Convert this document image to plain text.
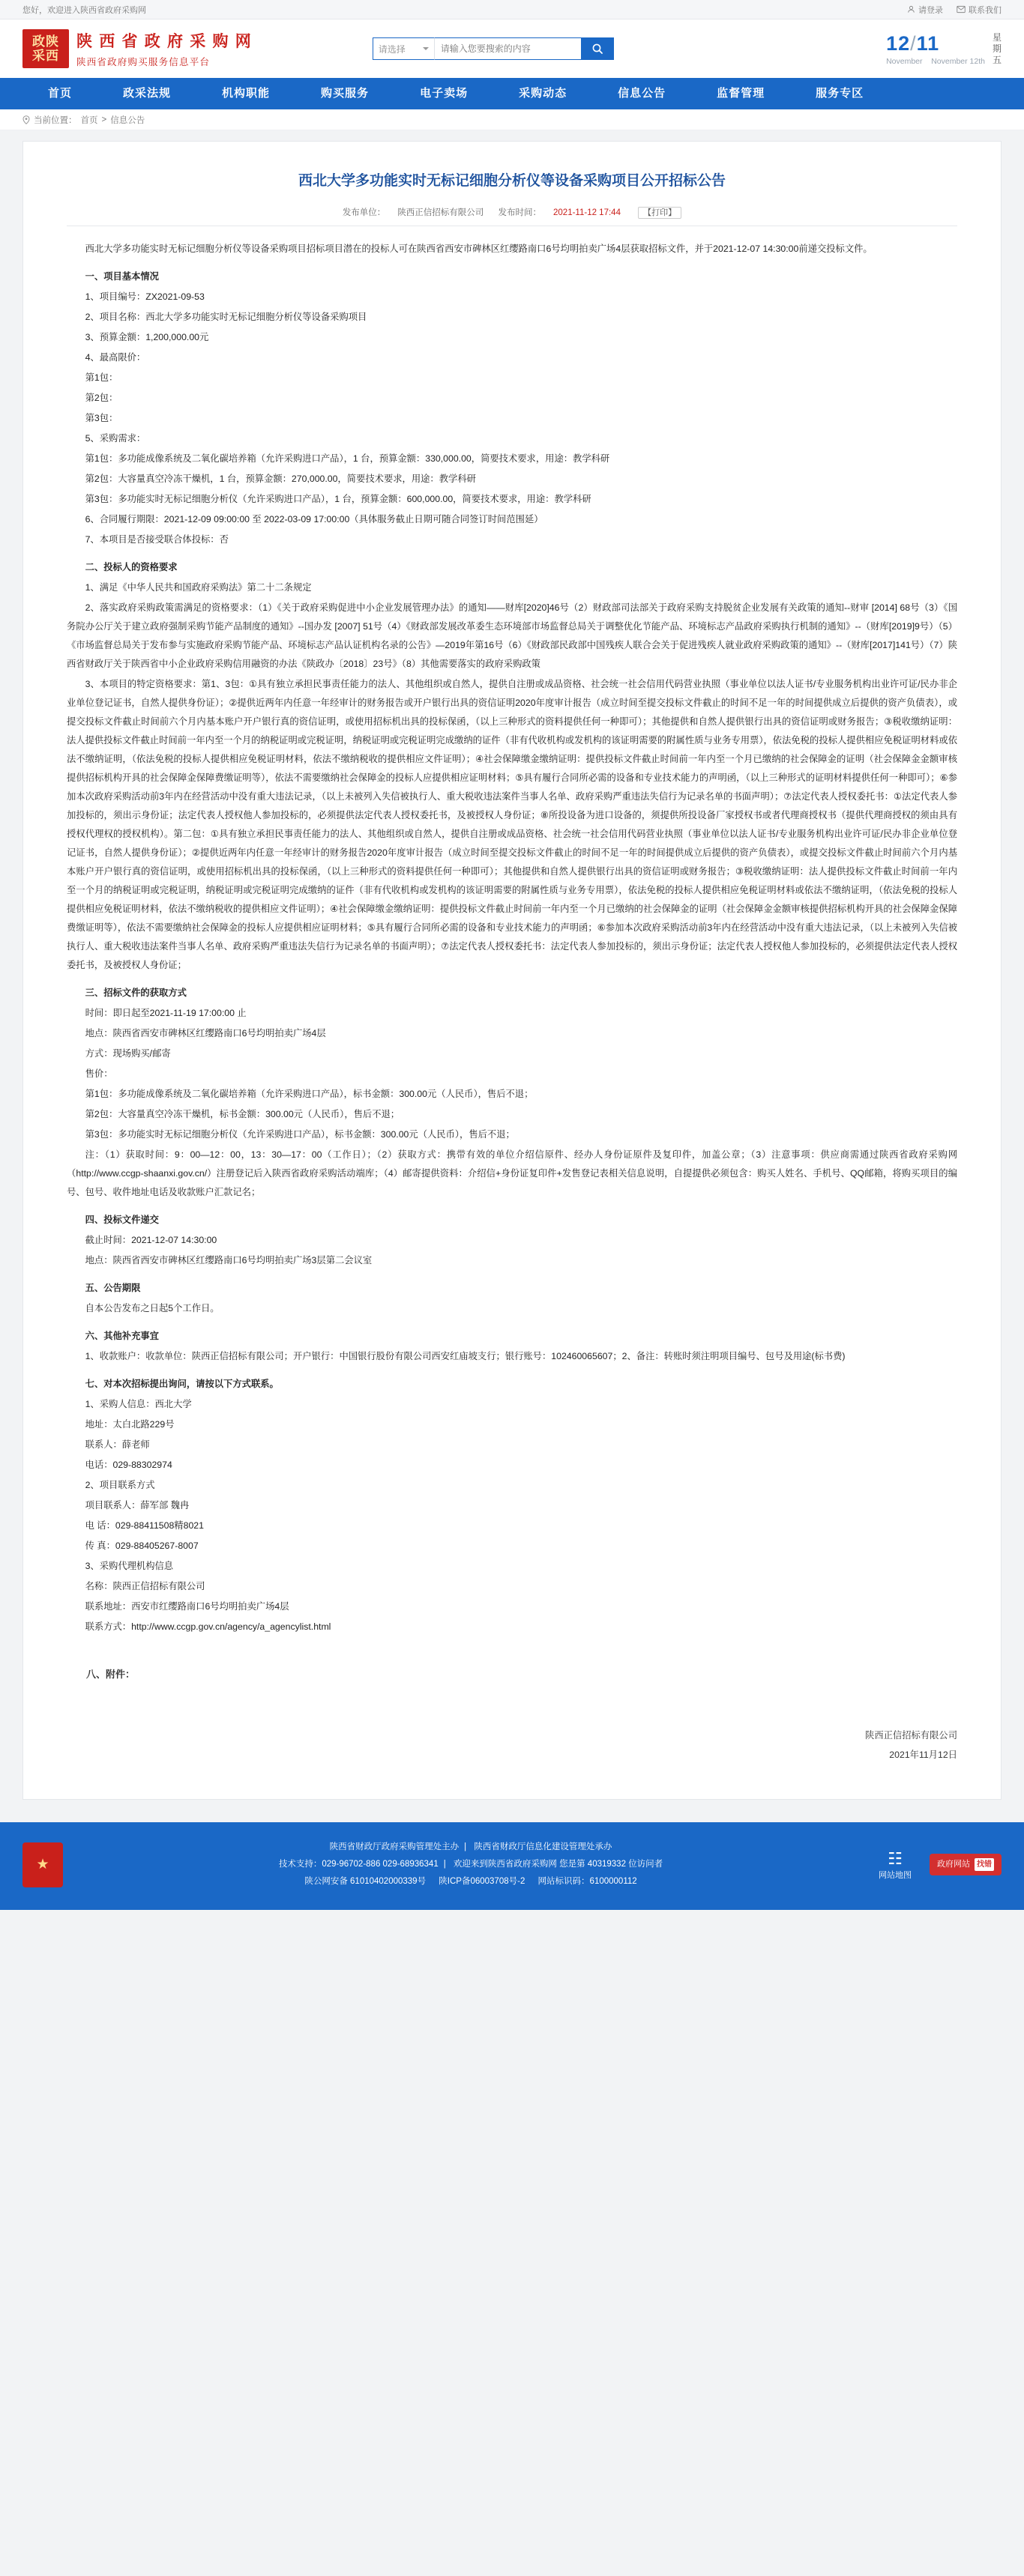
您好，欢迎进入陕西省政府采购网	请登录	联系我们
政陕
采西
陕 西 省 政 府 采 购 网
陕西省政府购买服务信息平台
请选择
请输入您要搜索的内容	12/11
November November 12th
星
期
五
首页	政采法规	机构职能	购买服务	电子卖场	采购动态	信息公告	监督管理	服务专区
当前位置： 首页 > 信息公告
西北大学多功能实时无标记细胞分析仪等设备采购项目公开招标公告
发布单位： 陕西正信招标有限公司 发布时间： 2021-11-12 17:44	【打印】

西北大学多功能实时无标记细胞分析仪等设备采购项目招标项目潜在的投标人可在陕西省西安市碑林区红缨路南口6号均明拍卖广场4层获取招标文件，并于2021-12-07 14:30:00前递交投标文件。

一、项目基本情况

1、项目编号：ZX2021-09-53

2、项目名称：西北大学多功能实时无标记细胞分析仪等设备采购项目

3、预算金额：1,200,000.00元

4、最高限价：

第1包：

第2包：

第3包：

5、采购需求：

第1包：多功能成像系统及二氧化碳培养箱（允许采购进口产品），1 台，预算金额：330,000.00，简要技术要求，用途：教学科研

第2包：大容量真空冷冻干燥机，1 台，预算金额：270,000.00，简要技术要求，用途：教学科研

第3包：多功能实时无标记细胞分析仪（允许采购进口产品），1 台，预算金额：600,000.00，简要技术要求，用途：教学科研

6、合同履行期限：2021-12-09 09:00:00 至 2022-03-09 17:00:00（具体服务截止日期可随合同签订时间范围延）

7、本项目是否接受联合体投标：否

二、投标人的资格要求

1、满足《中华人民共和国政府采购法》第二十二条规定

2、落实政府采购政策需满足的资格要求：（1）《关于政府采购促进中小企业发展管理办法》的通知——财库[2020]46号（2）财政部司法部关于政府采购支持脱贫企业发展有关政策的通知--财审 [2014] 68号（3）《国务院办公厅关于建立政府强制采购节能产品制度的通知》--国办发 [2007] 51号（4）《财政部发展改革委生态环境部市场监督总局关于调整优化节能产品、环境标志产品政府采购执行机制的通知》--（财库[2019]9号）（5）《市场监督总局关于发布参与实施政府采购节能产品、环境标志产品认证机构名录的公告》—2019年第16号（6）《财政部民政部中国残疾人联合会关于促进残疾人就业政府采购政策的通知》--（财库[2017]141号）（7）陕西省财政厅关于陕西省中小企业政府采购信用融资的办法《陕政办〔2018〕23号》（8）其他需要落实的政府采购政策

3、本项目的特定资格要求：第1、3包：①具有独立承担民事责任能力的法人、其他组织或自然人，提供自注册或成品资格、社会统一社会信用代码营业执照（事业单位以法人证书/专业服务机构出业许可证/民办非企业单位登记证书，自然人提供身份证）；②提供近两年内任意一年经审计的财务报告或开户银行出具的资信证明2020年度审计报告（成立时间至提交投标文件截止的时间不足一年的时间提供成立后提供的资产负债表），或提交投标文件截止时间前六个月内基本账户开户银行真的资信证明，或使用招标机出具的投标保函，（以上三种形式的资料提供任何一种即可）；其他提供和自然人提供银行出具的资信证明或财务报告；③税收缴纳证明：法人提供投标文件截止时间前一年内至一个月的纳税证明或完税证明，纳税证明或完税证明完成缴纳的证件（非有代收机构或发机构的该证明需要的附属性质与业务专用票），依法免税的投标人提供相应免税证明材料或依法不缴纳证明，（依法免税的投标人提供相应免税证明材料，依法不缴纳税收的提供相应文件证明）；④社会保障缴金缴纳证明：提供投标文件截止时间前一年内至一个月已缴纳的社会保障金的证明（社会保障金金额审核提供招标机构开具的社会保障金保障费缴证明等），依法不需要缴纳社会保障金的投标人应提供相应证明材料；⑤具有履行合同所必需的设备和专业技术能力的声明函，（以上三种形式的证明材料提供任何一种即可）；⑥参加本次政府采购活动前3年内在经营活动中没有重大违法记录，（以上未被列入失信被执行人、重大税收违法案件当事人名单、政府采购严重违法失信行为记录名单的书面声明）；⑦法定代表人授权委托书：①法定代表人参加投标的，须出示身份证；法定代表人授权他人参加投标的，必须提供法定代表人授权委托书，及被授权人身份证；⑧所投设备为进口设备的，须提供所投设备厂家授权书或者代理商授权书（提供代理商授权的须由具有授权代理权的授权机构）。第二包：①具有独立承担民事责任能力的法人、其他组织或自然人，提供自注册或成品资格、社会统一社会信用代码营业执照（事业单位以法人证书/专业服务机构出业许可证/民办非企业单位登记证书，自然人提供身份证）；②提供近两年内任意一年经审计的财务报告2020年度审计报告（成立时间至提交投标文件截止的时间不足一年的时间提供成立后提供的资产负债表），或提交投标文件截止时间前六个月内基本账户开户银行真的资信证明，或使用招标机出具的投标保函，（以上三种形式的资料提供任何一种即可）；其他提供和自然人提供银行出具的资信证明或财务报告；③税收缴纳证明：法人提供投标文件截止时间前一年内至一个月的纳税证明或完税证明，纳税证明或完税证明完成缴纳的证件（非有代收机构或发机构的该证明需要的附属性质与业务专用票），依法免税的投标人提供相应免税证明材料或依法不缴纳证明，（依法免税的投标人提供相应免税证明材料，依法不缴纳税收的提供相应文件证明）；④社会保障缴金缴纳证明：提供投标文件截止时间前一年内至一个月已缴纳的社会保障金的证明（社会保障金金额审核提供招标机构开具的社会保障金保障费缴证明等），依法不需要缴纳社会保障金的投标人应提供相应证明材料；⑤具有履行合同所必需的设备和专业技术能力的声明函；⑥参加本次政府采购活动前3年内在经营活动中没有重大违法记录，（以上未被列入失信被执行人、重大税收违法案件当事人名单、政府采购严重违法失信行为记录名单的书面声明）；⑦法定代表人授权委托书：法定代表人参加投标的，须出示身份证；法定代表人授权他人参加投标的，必须提供法定代表人授权委托书，及被授权人身份证；

三、招标文件的获取方式

时间：即日起至2021-11-19 17:00:00 止

地点：陕西省西安市碑林区红缨路南口6号均明拍卖广场4层

方式：现场购买/邮寄

售价：

第1包：多功能成像系统及二氧化碳培养箱（允许采购进口产品），标书金额：300.00元（人民币），售后不退；

第2包：大容量真空冷冻干燥机，标书金额：300.00元（人民币），售后不退；

第3包：多功能实时无标记细胞分析仪（允许采购进口产品），标书金额：300.00元（人民币），售后不退；

注：（1）获取时间：9：00—12：00，13：30—17：00（工作日）；（2）获取方式：携带有效的单位介绍信原件、经办人身份证原件及复印件，加盖公章；（3）注意事项：供应商需通过陕西省政府采购网（http://www.ccgp-shaanxi.gov.cn/）注册登记后入陕西省政府采购活动端库；（4）邮寄提供资料：介绍信+身份证复印件+发售登记表相关信息说明，自提提供必须包含：购买人姓名、手机号、QQ邮箱，将购买项目的编号、包号、收件地址电话及收款账户汇款记名；

四、投标文件递交

截止时间：2021-12-07 14:30:00

地点：陕西省西安市碑林区红缨路南口6号均明拍卖广场3层第二会议室

五、公告期限

自本公告发布之日起5个工作日。

六、其他补充事宜

1、收款账户：收款单位：陕西正信招标有限公司；开户银行：中国银行股份有限公司西安红庙坡支行；银行账号：102460065607；2、备注：转账时须注明项目编号、包号及用途(标书费)

七、对本次招标提出询问，请按以下方式联系。

1、采购人信息：西北大学

地址：太白北路229号

联系人：薛老师

电话：029-88302974

2、项目联系方式

项目联系人：薛军部 魏冉

电 话：029-88411508精8021

传 真：029-88405267-8007

3、采购代理机构信息

名称：陕西正信招标有限公司

联系地址：西安市红缨路南口6号均明拍卖广场4层

联系方式：http://www.ccgp.gov.cn/agency/a_agencylist.html

八、附件：
陕西正信招标有限公司
2021年11月12日
★
陕西省财政厅政府采购管理处主办 | 陕西省财政厅信息化建设管理处承办
技术支持：029-96702-886 029-68936341 | 欢迎来到陕西省政府采购网 您是第 40319332 位访问者
陕公网安备 61010402000339号 陕ICP备06003708号-2 网站标识码：6100000112
☷
网站地图
政府网站 找错
